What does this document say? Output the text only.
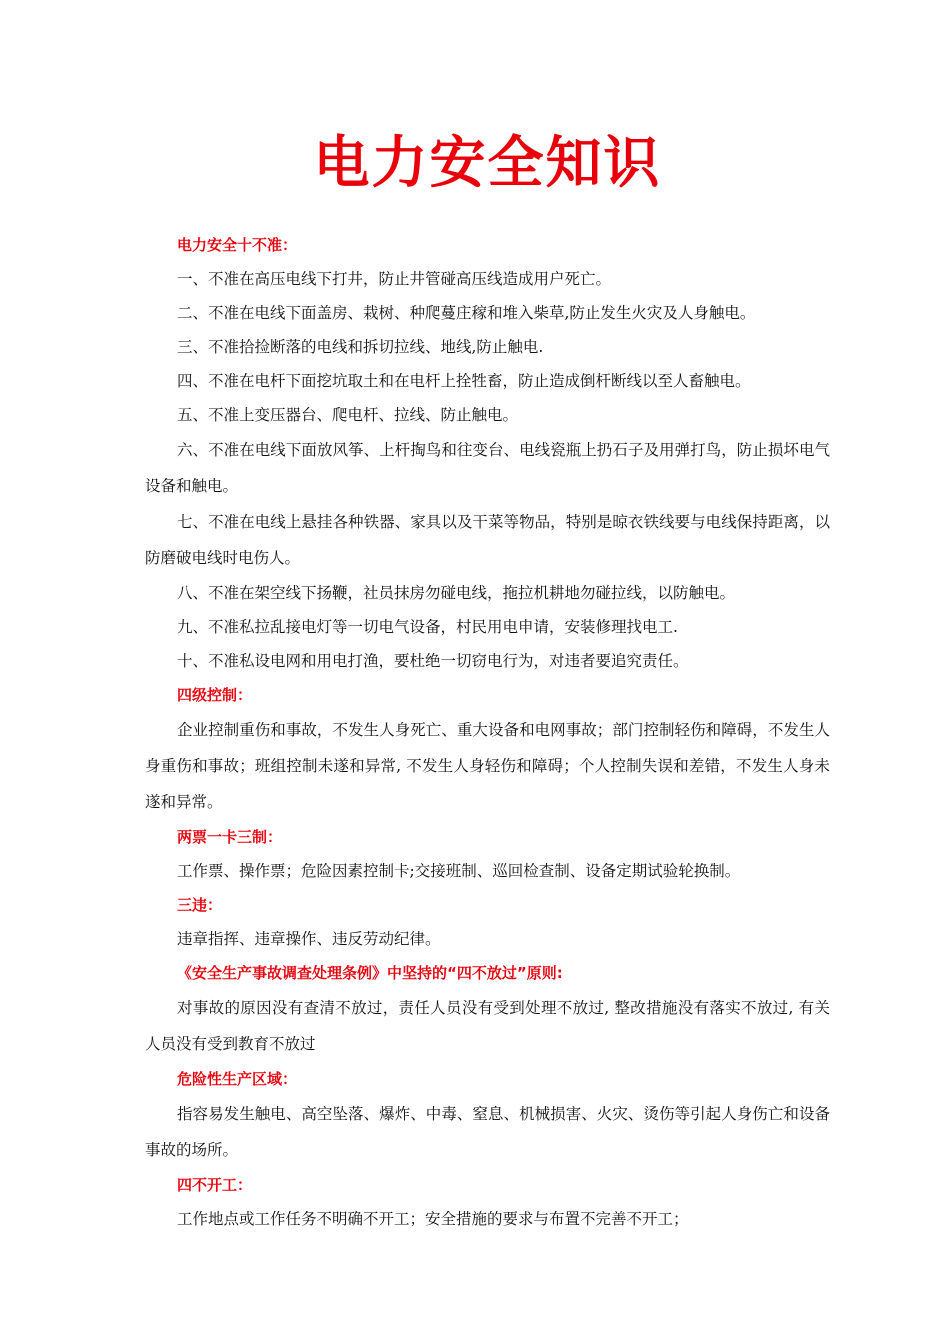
电力安全知识

电力安全十不准：

一、不准在高压电线下打井，防止井管碰高压线造成用户死亡。

二、不准在电线下面盖房、栽树、种爬蔓庄稼和堆入柴草,防止发生火灾及人身触电。

三、不准拾捡断落的电线和拆切拉线、地线,防止触电.

四、不准在电杆下面挖坑取土和在电杆上拴牲畜，防止造成倒杆断线以至人畜触电。

五、不准上变压器台、爬电杆、拉线、防止触电。

六、不准在电线下面放风筝、上杆掏鸟和往变台、电线瓷瓶上扔石子及用弹打鸟，防止损坏电气设备和触电。

七、不准在电线上悬挂各种铁器、家具以及干菜等物品，特别是晾衣铁线要与电线保持距离，以防磨破电线时电伤人。

八、不准在架空线下扬鞭，社员抹房勿碰电线，拖拉机耕地勿碰拉线，以防触电。

九、不准私拉乱接电灯等一切电气设备，村民用电申请，安装修理找电工.

十、不准私设电网和用电打渔，要杜绝一切窃电行为，对违者要追究责任。

四级控制：

企业控制重伤和事故，不发生人身死亡、重大设备和电网事故；部门控制轻伤和障碍，不发生人身重伤和事故；班组控制未遂和异常, 不发生人身轻伤和障碍；个人控制失误和差错，不发生人身未遂和异常。

两票一卡三制：

工作票、操作票；危险因素控制卡;交接班制、巡回检查制、设备定期试验轮换制。

三违：

违章指挥、违章操作、违反劳动纪律。

《安全生产事故调查处理条例》中坚持的“四不放过”原则:

对事故的原因没有查清不放过，责任人员没有受到处理不放过, 整改措施没有落实不放过, 有关人员没有受到教育不放过

危险性生产区域：

指容易发生触电、高空坠落、爆炸、中毒、窒息、机械损害、火灾、烫伤等引起人身伤亡和设备事故的场所。

四不开工：

工作地点或工作任务不明确不开工；安全措施的要求与布置不完善不开工；
